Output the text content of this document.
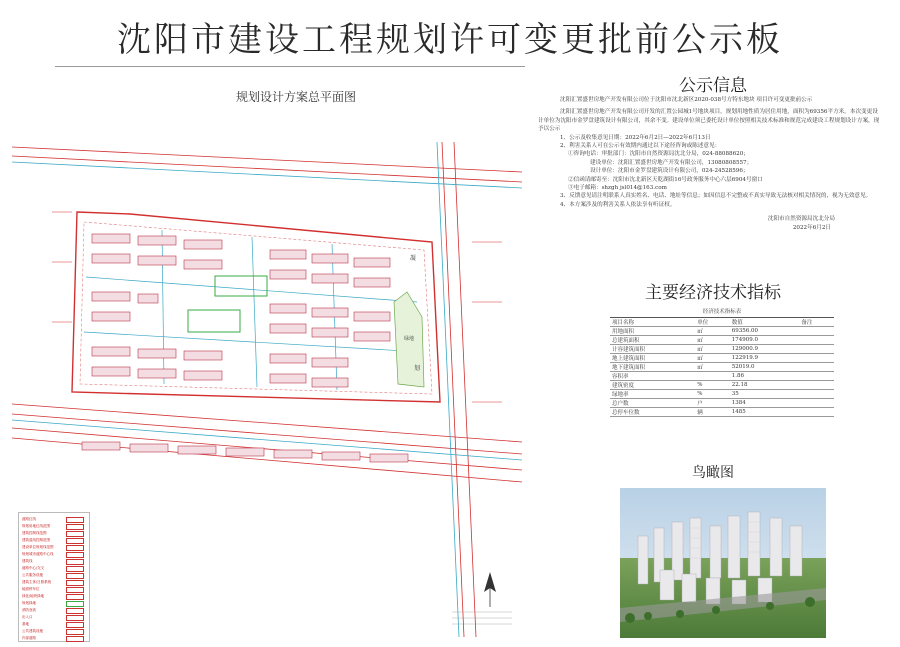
沈阳市建设工程规划许可变更批前公示板
规划设计方案总平面图
绿地
凝
划
道路红线
规划用地红线范围
建筑控制线范围
建筑退线控制范围
建设单位规划线范围
规划城市道路中心线
建筑线
道路中心/交叉
公共服务设施
建筑主体/日照系统
地面停车位
绿化/地块绿地
规划绿地
消防登高
出入口
基地
公共建筑设施
内部道路
公示信息

沈阳汇置盛世房地产开发有限公司位于沈阳市沈北新区2020-038号方特东地块 项目许可变更批前公示

沈阳汇置盛世房地产开发有限公司开发的汇置公园城1号地块项目，规划用地性质为居住用地，面积为69356平方米。本次变更设计单位为沈阳市金罗盘建筑设计有限公司，其余不变。建设单位须已委托设计单位按照相关技术标准和规范完成建设工程规划设计方案，现予以公示

1、公示及收集意见日期：2022年6月2日—2022年6月13日

2、利害关系人可在公示有效期内通过以下途径咨询或陈述意见：

①咨询电话：审批部门：沈阳市自然资源局沈北分局，024-88088620；

建设单位：沈阳汇置盛世房地产开发有限公司，13080808557；

设计单位：沈阳市金罗盘建筑设计有限公司，024-24528596；

②信函请邮寄至：沈阳市沈北新区天乾湖街16号政务服务中心六层6904号窗口

③电子邮箱：shzgh jsl014@163.com

3、反馈意见请注明联系人真实姓名、电话、地址等信息；如因信息不完整或不真实导致无法核对相关情况的，视为无效意见。

4、本方案涉及的利害关系人依法享有听证权。

沈阳市自然资源局沈北分局

2022年6月2日

主要经济技术指标
经济技术指标表
项目名称	单位	数值	备注
用地面积	㎡	69356.00	
总建筑面积	㎡	174909.0	
计容建筑面积	㎡	129000.9	
地上建筑面积	㎡	122919.9	
地下建筑面积	㎡	52019.0	
容积率		1.86	
建筑密度	%	22.18	
绿地率	%	35	
总户数	户	1384	
总停车位数	辆	1485	
鸟瞰图
